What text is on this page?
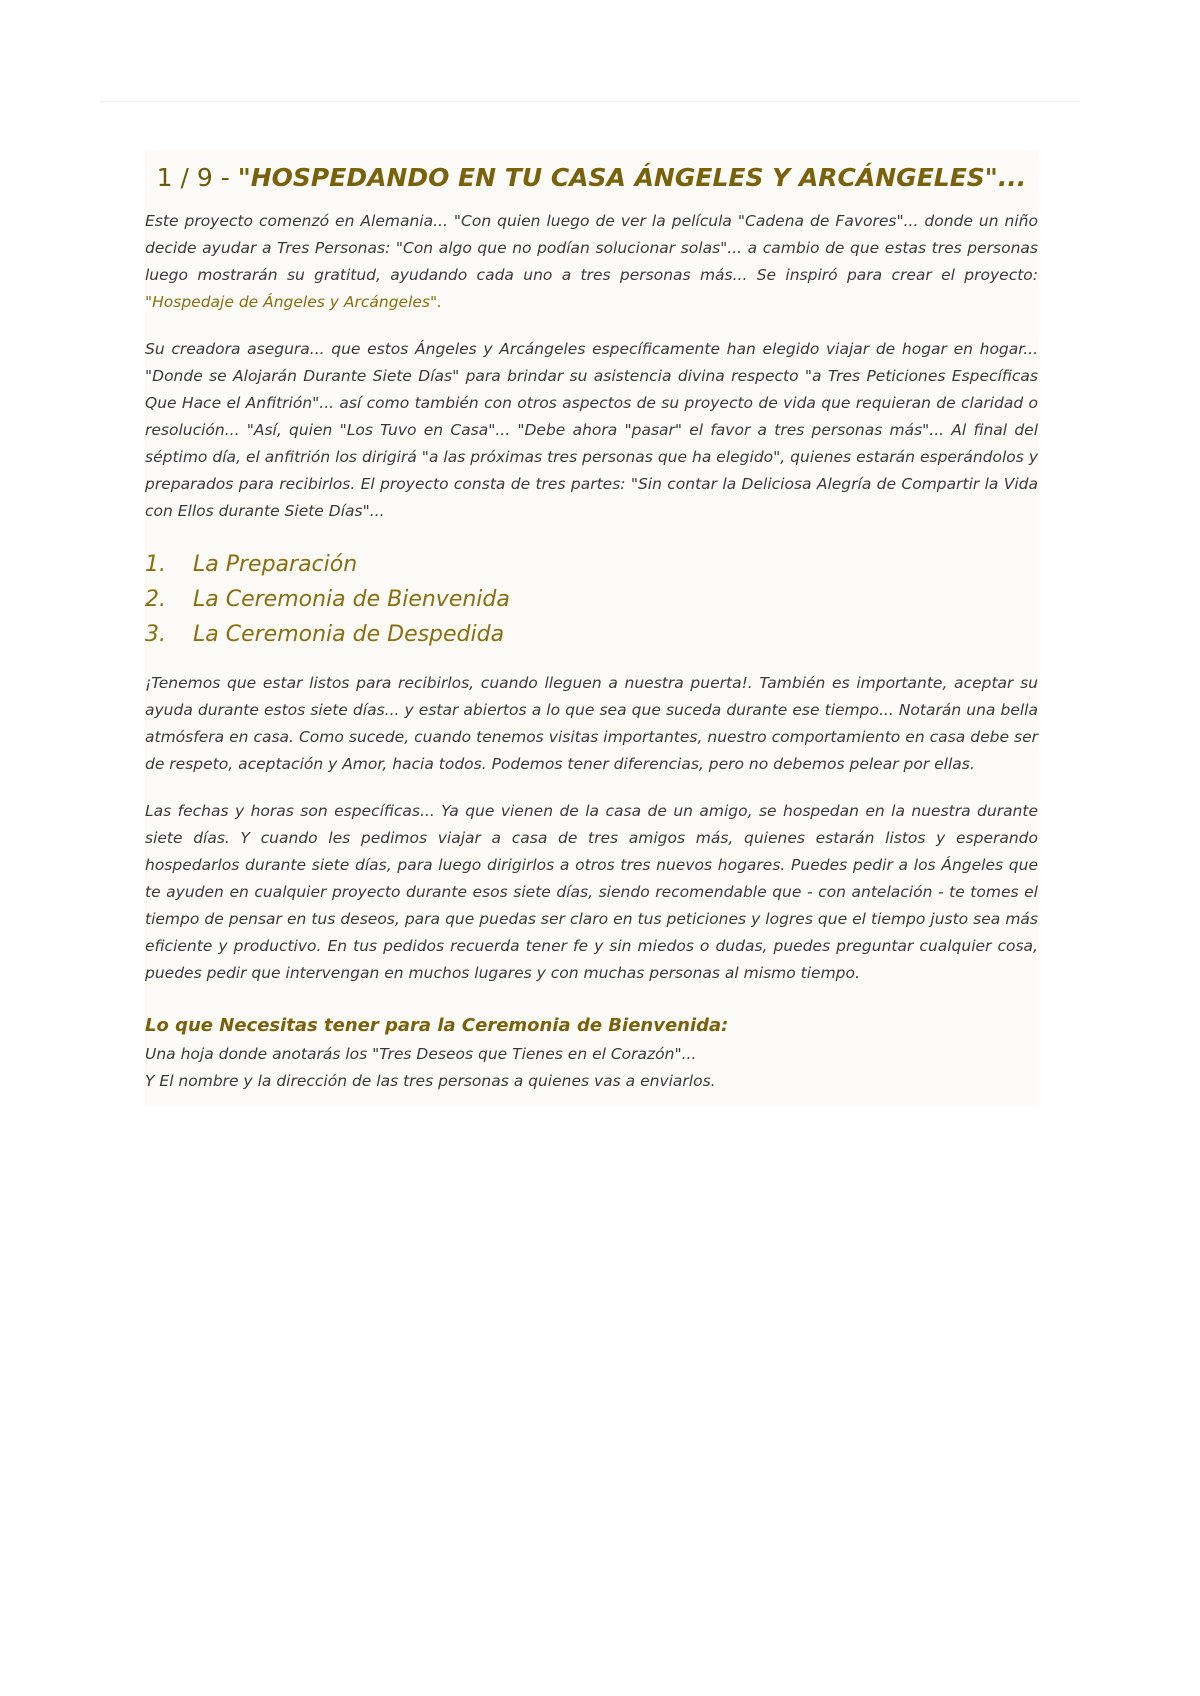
1 / 9 - "HOSPEDANDO EN TU CASA ÁNGELES Y ARCÁNGELES"...

Este proyecto comenzó en Alemania... "Con quien luego de ver la película "Cadena de Favores"... donde un niño decide ayudar a Tres Personas: "Con algo que no podían solucionar solas"... a cambio de que estas tres personas luego mostrarán su gratitud, ayudando cada uno a tres personas más... Se inspiró para crear el proyecto: "Hospedaje de Ángeles y Arcángeles".

Su creadora asegura... que estos Ángeles y Arcángeles específicamente han elegido viajar de hogar en hogar... "Donde se Alojarán Durante Siete Días" para brindar su asistencia divina respecto "a Tres Peticiones Específicas Que Hace el Anfitrión"... así como también con otros aspectos de su proyecto de vida que requieran de claridad o resolución... "Así, quien "Los Tuvo en Casa"... "Debe ahora "pasar" el favor a tres personas más"... Al final del séptimo día, el anfitrión los dirigirá "a las próximas tres personas que ha elegido", quienes estarán esperándolos y preparados para recibirlos. El proyecto consta de tres partes: "Sin contar la Deliciosa Alegría de Compartir la Vida con Ellos durante Siete Días"...

1.	La Preparación
2.	La Ceremonia de Bienvenida
3.	La Ceremonia de Despedida

¡Tenemos que estar listos para recibirlos, cuando lleguen a nuestra puerta!. También es importante, aceptar su ayuda durante estos siete días... y estar abiertos a lo que sea que suceda durante ese tiempo... Notarán una bella atmósfera en casa. Como sucede, cuando tenemos visitas importantes, nuestro comportamiento en casa debe ser de respeto, aceptación y Amor, hacia todos. Podemos tener diferencias, pero no debemos pelear por ellas.

Las fechas y horas son específicas... Ya que vienen de la casa de un amigo, se hospedan en la nuestra durante siete días. Y cuando les pedimos viajar a casa de tres amigos más, quienes estarán listos y esperando hospedarlos durante siete días, para luego dirigirlos a otros tres nuevos hogares. Puedes pedir a los Ángeles que te ayuden en cualquier proyecto durante esos siete días, siendo recomendable que - con antelación - te tomes el tiempo de pensar en tus deseos, para que puedas ser claro en tus peticiones y logres que el tiempo justo sea más eficiente y productivo. En tus pedidos recuerda tener fe y sin miedos o dudas, puedes preguntar cualquier cosa, puedes pedir que intervengan en muchos lugares y con muchas personas al mismo tiempo.

Lo que Necesitas tener para la Ceremonia de Bienvenida:

Una hoja donde anotarás los "Tres Deseos que Tienes en el Corazón"...

Y El nombre y la dirección de las tres personas a quienes vas a enviarlos.
